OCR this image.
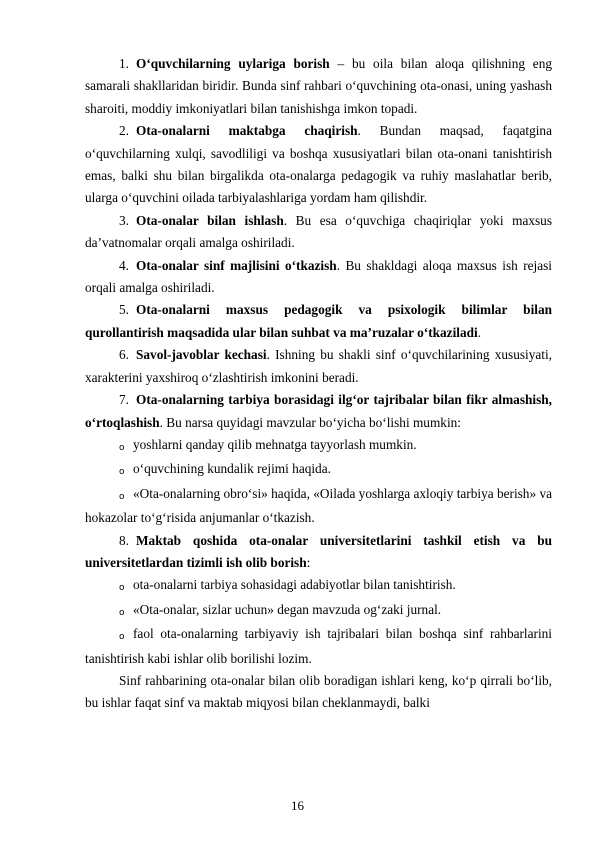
1. O‘quvchilarning uylariga borish – bu oila bilan aloqa qilishning eng samarali shakllaridan biridir. Bunda sinf rahbari o‘quvchining ota-onasi, uning yashash sharoiti, moddiy imkoniyatlari bilan tanishishga imkon topadi.

2. Ota-onalarni maktabga chaqirish. Bundan maqsad, faqatgina o‘quvchilarning xulqi, savodliligi va boshqa xususiyatlari bilan ota-onani tanishtirish emas, balki shu bilan birgalikda ota-onalarga pedagogik va ruhiy maslahatlar berib, ularga o‘quvchini oilada tarbiyalashlariga yordam ham qilishdir.

3. Ota-onalar bilan ishlash. Bu esa o‘quvchiga chaqiriqlar yoki maxsus da’vatnomalar orqali amalga oshiriladi.

4. Ota-onalar sinf majlisini o‘tkazish. Bu shakldagi aloqa maxsus ish rejasi orqali amalga oshiriladi.

5. Ota-onalarni maxsus pedagogik va psixologik bilimlar bilan qurollantirish maqsadida ular bilan suhbat va ma’ruzalar o‘tkaziladi.

6. Savol-javoblar kechasi. Ishning bu shakli sinf o‘quvchilarining xususiyati, xarakterini yaxshiroq o‘zlashtirish imkonini beradi.

7. Ota-onalarning tarbiya borasidagi ilg‘or tajribalar bilan fikr almashish, o‘rtoqlashish. Bu narsa quyidagi mavzular bo‘yicha bo‘lishi mumkin:

o yoshlarni qanday qilib mehnatga tayyorlash mumkin.

o o‘quvchining kundalik rejimi haqida.

o «Ota-onalarning obro‘si» haqida, «Oilada yoshlarga axloqiy tarbiya berish» va hokazolar to‘g‘risida anjumanlar o‘tkazish.

8. Maktab qoshida ota-onalar universitetlarini tashkil etish va bu universitetlardan tizimli ish olib borish:

o ota-onalarni tarbiya sohasidagi adabiyotlar bilan tanishtirish.

o «Ota-onalar, sizlar uchun» degan mavzuda og‘zaki jurnal.

o faol ota-onalarning tarbiyaviy ish tajribalari bilan boshqa sinf rahbarlarini tanishtirish kabi ishlar olib borilishi lozim.

Sinf rahbarining ota-onalar bilan olib boradigan ishlari keng, ko‘p qirrali bo‘lib, bu ishlar faqat sinf va maktab miqyosi bilan cheklanmaydi, balki

16
